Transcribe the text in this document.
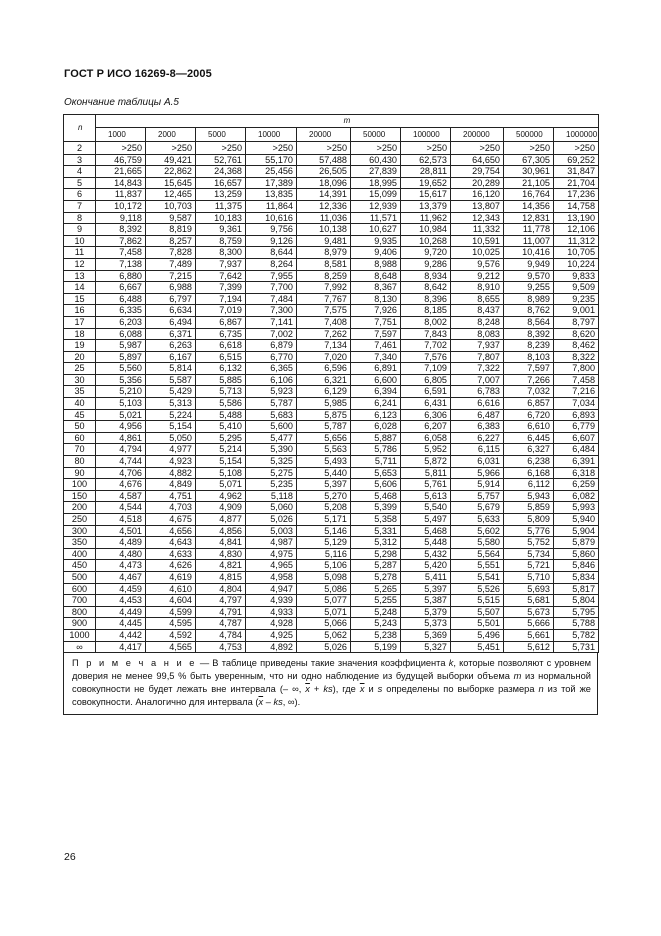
ГОСТ Р ИСО 16269-8—2005
Окончание таблицы А.5
n	m									
	1000	2000	5000	10000	20000	50000	100000	200000	500000	1000000
2	>250	>250	>250	>250	>250	>250	>250	>250	>250	>250
3	46,759	49,421	52,761	55,170	57,488	60,430	62,573	64,650	67,305	69,252
4	21,665	22,862	24,368	25,456	26,505	27,839	28,811	29,754	30,961	31,847
5	14,843	15,645	16,657	17,389	18,096	18,995	19,652	20,289	21,105	21,704
6	11,837	12,465	13,259	13,835	14,391	15,099	15,617	16,120	16,764	17,236
7	10,172	10,703	11,375	11,864	12,336	12,939	13,379	13,807	14,356	14,758
8	9,118	9,587	10,183	10,616	11,036	11,571	11,962	12,343	12,831	13,190
9	8,392	8,819	9,361	9,756	10,138	10,627	10,984	11,332	11,778	12,106
10	7,862	8,257	8,759	9,126	9,481	9,935	10,268	10,591	11,007	11,312
11	7,458	7,828	8,300	8,644	8,979	9,406	9,720	10,025	10,416	10,705
12	7,138	7,489	7,937	8,264	8,581	8,988	9,286	9,576	9,949	10,224
13	6,880	7,215	7,642	7,955	8,259	8,648	8,934	9,212	9,570	9,833
14	6,667	6,988	7,399	7,700	7,992	8,367	8,642	8,910	9,255	9,509
15	6,488	6,797	7,194	7,484	7,767	8,130	8,396	8,655	8,989	9,235
16	6,335	6,634	7,019	7,300	7,575	7,926	8,185	8,437	8,762	9,001
17	6,203	6,494	6,867	7,141	7,408	7,751	8,002	8,248	8,564	8,797
18	6,088	6,371	6,735	7,002	7,262	7,597	7,843	8,083	8,392	8,620
19	5,987	6,263	6,618	6,879	7,134	7,461	7,702	7,937	8,239	8,462
20	5,897	6,167	6,515	6,770	7,020	7,340	7,576	7,807	8,103	8,322
25	5,560	5,814	6,132	6,365	6,596	6,891	7,109	7,322	7,597	7,800
30	5,356	5,587	5,885	6,106	6,321	6,600	6,805	7,007	7,266	7,458
35	5,210	5,429	5,713	5,923	6,129	6,394	6,591	6,783	7,032	7,216
40	5,103	5,313	5,586	5,787	5,985	6,241	6,431	6,616	6,857	7,034
45	5,021	5,224	5,488	5,683	5,875	6,123	6,306	6,487	6,720	6,893
50	4,956	5,154	5,410	5,600	5,787	6,028	6,207	6,383	6,610	6,779
60	4,861	5,050	5,295	5,477	5,656	5,887	6,058	6,227	6,445	6,607
70	4,794	4,977	5,214	5,390	5,563	5,786	5,952	6,115	6,327	6,484
80	4,744	4,923	5,154	5,325	5,493	5,711	5,872	6,031	6,238	6,391
90	4,706	4,882	5,108	5,275	5,440	5,653	5,811	5,966	6,168	6,318
100	4,676	4,849	5,071	5,235	5,397	5,606	5,761	5,914	6,112	6,259
150	4,587	4,751	4,962	5,118	5,270	5,468	5,613	5,757	5,943	6,082
200	4,544	4,703	4,909	5,060	5,208	5,399	5,540	5,679	5,859	5,993
250	4,518	4,675	4,877	5,026	5,171	5,358	5,497	5,633	5,809	5,940
300	4,501	4,656	4,856	5,003	5,146	5,331	5,468	5,602	5,776	5,904
350	4,489	4,643	4,841	4,987	5,129	5,312	5,448	5,580	5,752	5,879
400	4,480	4,633	4,830	4,975	5,116	5,298	5,432	5,564	5,734	5,860
450	4,473	4,626	4,821	4,965	5,106	5,287	5,420	5,551	5,721	5,846
500	4,467	4,619	4,815	4,958	5,098	5,278	5,411	5,541	5,710	5,834
600	4,459	4,610	4,804	4,947	5,086	5,265	5,397	5,526	5,693	5,817
700	4,453	4,604	4,797	4,939	5,077	5,255	5,387	5,515	5,681	5,804
800	4,449	4,599	4,791	4,933	5,071	5,248	5,379	5,507	5,673	5,795
900	4,445	4,595	4,787	4,928	5,066	5,243	5,373	5,501	5,666	5,788
1000	4,442	4,592	4,784	4,925	5,062	5,238	5,369	5,496	5,661	5,782
∞	4,417	4,565	4,753	4,892	5,026	5,199	5,327	5,451	5,612	5,731
П р и м е ч а н и е — В таблице приведены такие значения коэффициента k, которые позволяют с уровнем доверия не менее 99,5 % быть уверенным, что ни одно наблюдение из будущей выборки объема m из нормальной совокупности не будет лежать вне интервала (– ∞, $\overline{x} + ks$), где $\overline{x}$ и s определены по выборке размера n из той же совокупности. Аналогично для интервала ($\overline{x}$ – ks, ∞).
26
